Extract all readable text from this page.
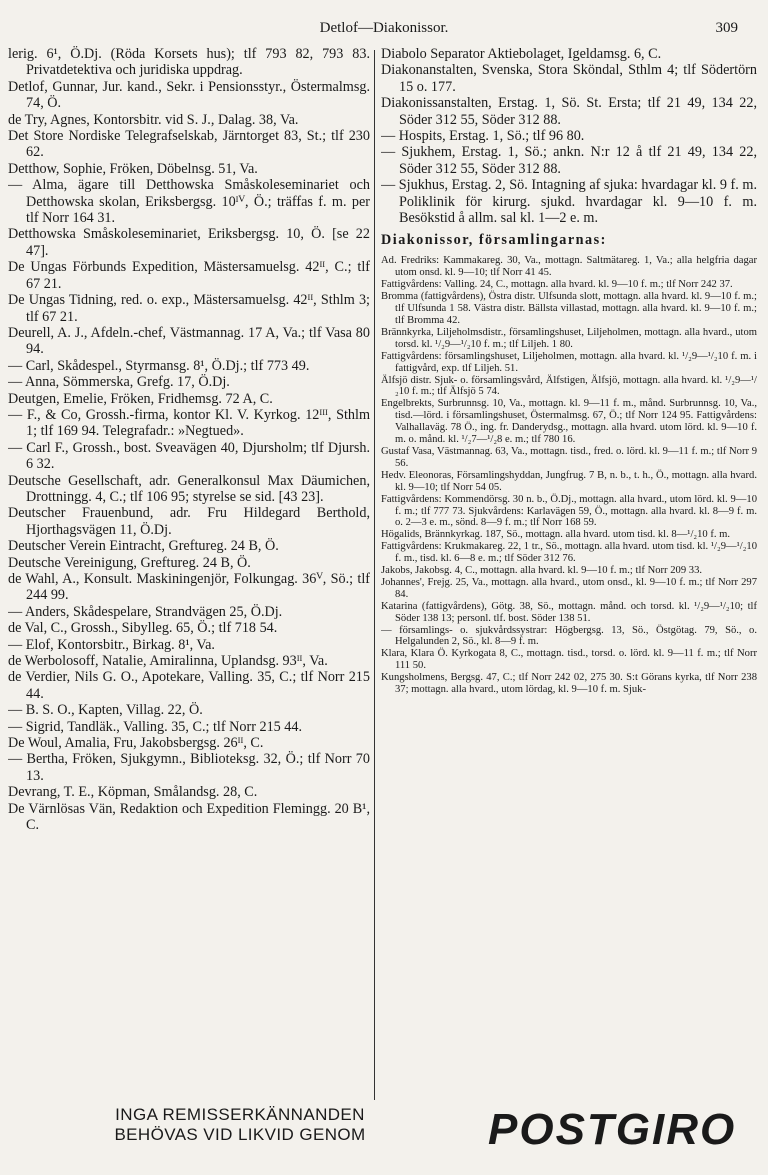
Detlof—Diakonissor.	309

lerig. 6¹, Ö.Dj. (Röda Korsets hus); tlf 793 82, 793 83. Privatdetektiva och juridiska uppdrag.

Detlof, Gunnar, Jur. kand., Sekr. i Pensionsstyr., Östermalmsg. 74, Ö.

de Try, Agnes, Kontorsbitr. vid S. J., Dalag. 38, Va.

Det Store Nordiske Telegrafselskab, Järntorget 83, St.; tlf 230 62.

Detthow, Sophie, Fröken, Döbelnsg. 51, Va.

— Alma, ägare till Detthowska Småskoleseminariet och Detthowska skolan, Eriksbergsg. 10ᴵⱽ, Ö.; träffas f. m. per tlf Norr 164 31.

Detthowska Småskoleseminariet, Eriksbergsg. 10, Ö. [se 22 47].

De Ungas Förbunds Expedition, Mästersamuelsg. 42ᴵᴵ, C.; tlf 67 21.

De Ungas Tidning, red. o. exp., Mästersamuelsg. 42ᴵᴵ, Sthlm 3; tlf 67 21.

Deurell, A. J., Afdeln.-chef, Västmannag. 17 A, Va.; tlf Vasa 80 94.

— Carl, Skådespel., Styrmansg. 8¹, Ö.Dj.; tlf 773 49.

— Anna, Sömmerska, Grefg. 17, Ö.Dj.

Deutgen, Emelie, Fröken, Fridhemsg. 72 A, C.

— F., & Co, Grossh.-firma, kontor Kl. V. Kyrkog. 12ᴵᴵᴵ, Sthlm 1; tlf 169 94. Telegrafadr.: »Negtued».

— Carl F., Grossh., bost. Sveavägen 40, Djursholm; tlf Djursh. 6 32.

Deutsche Gesellschaft, adr. Generalkonsul Max Däumichen, Drottningg. 4, C.; tlf 106 95; styrelse se sid. [43 23].

Deutscher Frauenbund, adr. Fru Hildegard Berthold, Hjorthagsvägen 11, Ö.Dj.

Deutscher Verein Eintracht, Greftureg. 24 B, Ö.

Deutsche Vereinigung, Greftureg. 24 B, Ö.

de Wahl, A., Konsult. Maskiningenjör, Folkungag. 36ⱽ, Sö.; tlf 244 99.

— Anders, Skådespelare, Strandvägen 25, Ö.Dj.

de Val, C., Grossh., Sibylleg. 65, Ö.; tlf 718 54.

— Elof, Kontorsbitr., Birkag. 8¹, Va.

de Werbolosoff, Natalie, Amiralinna, Uplandsg. 93ᴵᴵ, Va.

de Verdier, Nils G. O., Apotekare, Valling. 35, C.; tlf Norr 215 44.

— B. S. O., Kapten, Villag. 22, Ö.

— Sigrid, Tandläk., Valling. 35, C.; tlf Norr 215 44.

De Woul, Amalia, Fru, Jakobsbergsg. 26ᴵᴵ, C.

— Bertha, Fröken, Sjukgymn., Biblioteksg. 32, Ö.; tlf Norr 70 13.

Devrang, T. E., Köpman, Smålandsg. 28, C.

De Värnlösas Vän, Redaktion och Expedition Flemingg. 20 B¹, C.

Diabolo Separator Aktiebolaget, Igeldamsg. 6, C.

Diakonanstalten, Svenska, Stora Sköndal, Sthlm 4; tlf Södertörn 15 o. 177.

Diakonissanstalten, Erstag. 1, Sö. St. Ersta; tlf 21 49, 134 22, Söder 312 55, Söder 312 88.

— Hospits, Erstag. 1, Sö.; tlf 96 80.

— Sjukhem, Erstag. 1, Sö.; ankn. N:r 12 å tlf 21 49, 134 22, Söder 312 55, Söder 312 88.

— Sjukhus, Erstag. 2, Sö. Intagning af sjuka: hvardagar kl. 9 f. m. Poliklinik för kirurg. sjukd. hvardagar kl. 9—10 f. m. Besökstid å allm. sal kl. 1—2 e. m.

Diakonissor, församlingarnas:

Ad. Fredriks: Kammakareg. 30, Va., mottagn. Saltmätareg. 1, Va.; alla helgfria dagar utom onsd. kl. 9—10; tlf Norr 41 45.

Fattigvårdens: Valling. 24, C., mottagn. alla hvard. kl. 9—10 f. m.; tlf Norr 242 37.

Bromma (fattigvårdens), Östra distr. Ulfsunda slott, mottagn. alla hvard. kl. 9—10 f. m.; tlf Ulfsunda 1 58. Västra distr. Bällsta villastad, mottagn. alla hvard. kl. 9—10 f. m.; tlf Bromma 42.

Brännkyrka, Liljeholmsdistr., församlingshuset, Liljeholmen, mottagn. alla hvard., utom torsd. kl. ¹/₂9—¹/₂10 f. m.; tlf Liljeh. 1 80.

Fattigvårdens: församlingshuset, Liljeholmen, mottagn. alla hvard. kl. ¹/₂9—¹/₂10 f. m. i fattigvård, exp. tlf Liljeh. 51.

Älfsjö distr. Sjuk- o. församlingsvård, Älfstigen, Älfsjö, mottagn. alla hvard. kl. ¹/₂9—¹/₂10 f. m.; tlf Älfsjö 5 74.

Engelbrekts, Surbrunnsg. 10, Va., mottagn. kl. 9—11 f. m., månd. Surbrunnsg. 10, Va., tisd.—lörd. i församlingshuset, Östermalmsg. 67, Ö.; tlf Norr 124 95. Fattigvårdens: Valhallaväg. 78 Ö., ing. fr. Danderydsg., mottagn. alla hvard. utom lörd. kl. 9—10 f. m. o. månd. kl. ¹/₂7—¹/₂8 e. m.; tlf 780 16.

Gustaf Vasa, Västmannag. 63, Va., mottagn. tisd., fred. o. lörd. kl. 9—11 f. m.; tlf Norr 9 56.

Hedv. Eleonoras, Församlingshyddan, Jungfrug. 7 B, n. b., t. h., Ö., mottagn. alla hvard. kl. 9—10; tlf Norr 54 05.

Fattigvårdens: Kommendörsg. 30 n. b., Ö.Dj., mottagn. alla hvard., utom lörd. kl. 9—10 f. m.; tlf 777 73. Sjukvårdens: Karlavägen 59, Ö., mottagn. alla hvard. kl. 8—9 f. m. o. 2—3 e. m., sönd. 8—9 f. m.; tlf Norr 168 59.

Högalids, Brännkyrkag. 187, Sö., mottagn. alla hvard. utom tisd. kl. 8—¹/₂10 f. m.

Fattigvårdens: Krukmakareg. 22, 1 tr., Sö., mottagn. alla hvard. utom tisd. kl. ¹/₂9—¹/₂10 f. m., tisd. kl. 6—8 e. m.; tlf Söder 312 76.

Jakobs, Jakobsg. 4, C., mottagn. alla hvard. kl. 9—10 f. m.; tlf Norr 209 33.

Johannes', Frejg. 25, Va., mottagn. alla hvard., utom onsd., kl. 9—10 f. m.; tlf Norr 297 84.

Katarina (fattigvårdens), Götg. 38, Sö., mottagn. månd. och torsd. kl. ¹/₂9—¹/₂10; tlf Söder 138 13; personl. tlf. bost. Söder 138 51.

— församlings- o. sjukvårdssystrar: Högbergsg. 13, Sö., Östgötag. 79, Sö., o. Helgalunden 2, Sö., kl. 8—9 f. m.

Klara, Klara Ö. Kyrkogata 8, C., mottagn. tisd., torsd. o. lörd. kl. 9—11 f. m.; tlf Norr 111 50.

Kungsholmens, Bergsg. 47, C.; tlf Norr 242 02, 275 30. S:t Görans kyrka, tlf Norr 238 37; mottagn. alla hvard., utom lördag, kl. 9—10 f. m. Sjuk-

INGA REMISSERKÄNNANDEN
BEHÖVAS VID LIKVID GENOM	POSTGIRO
